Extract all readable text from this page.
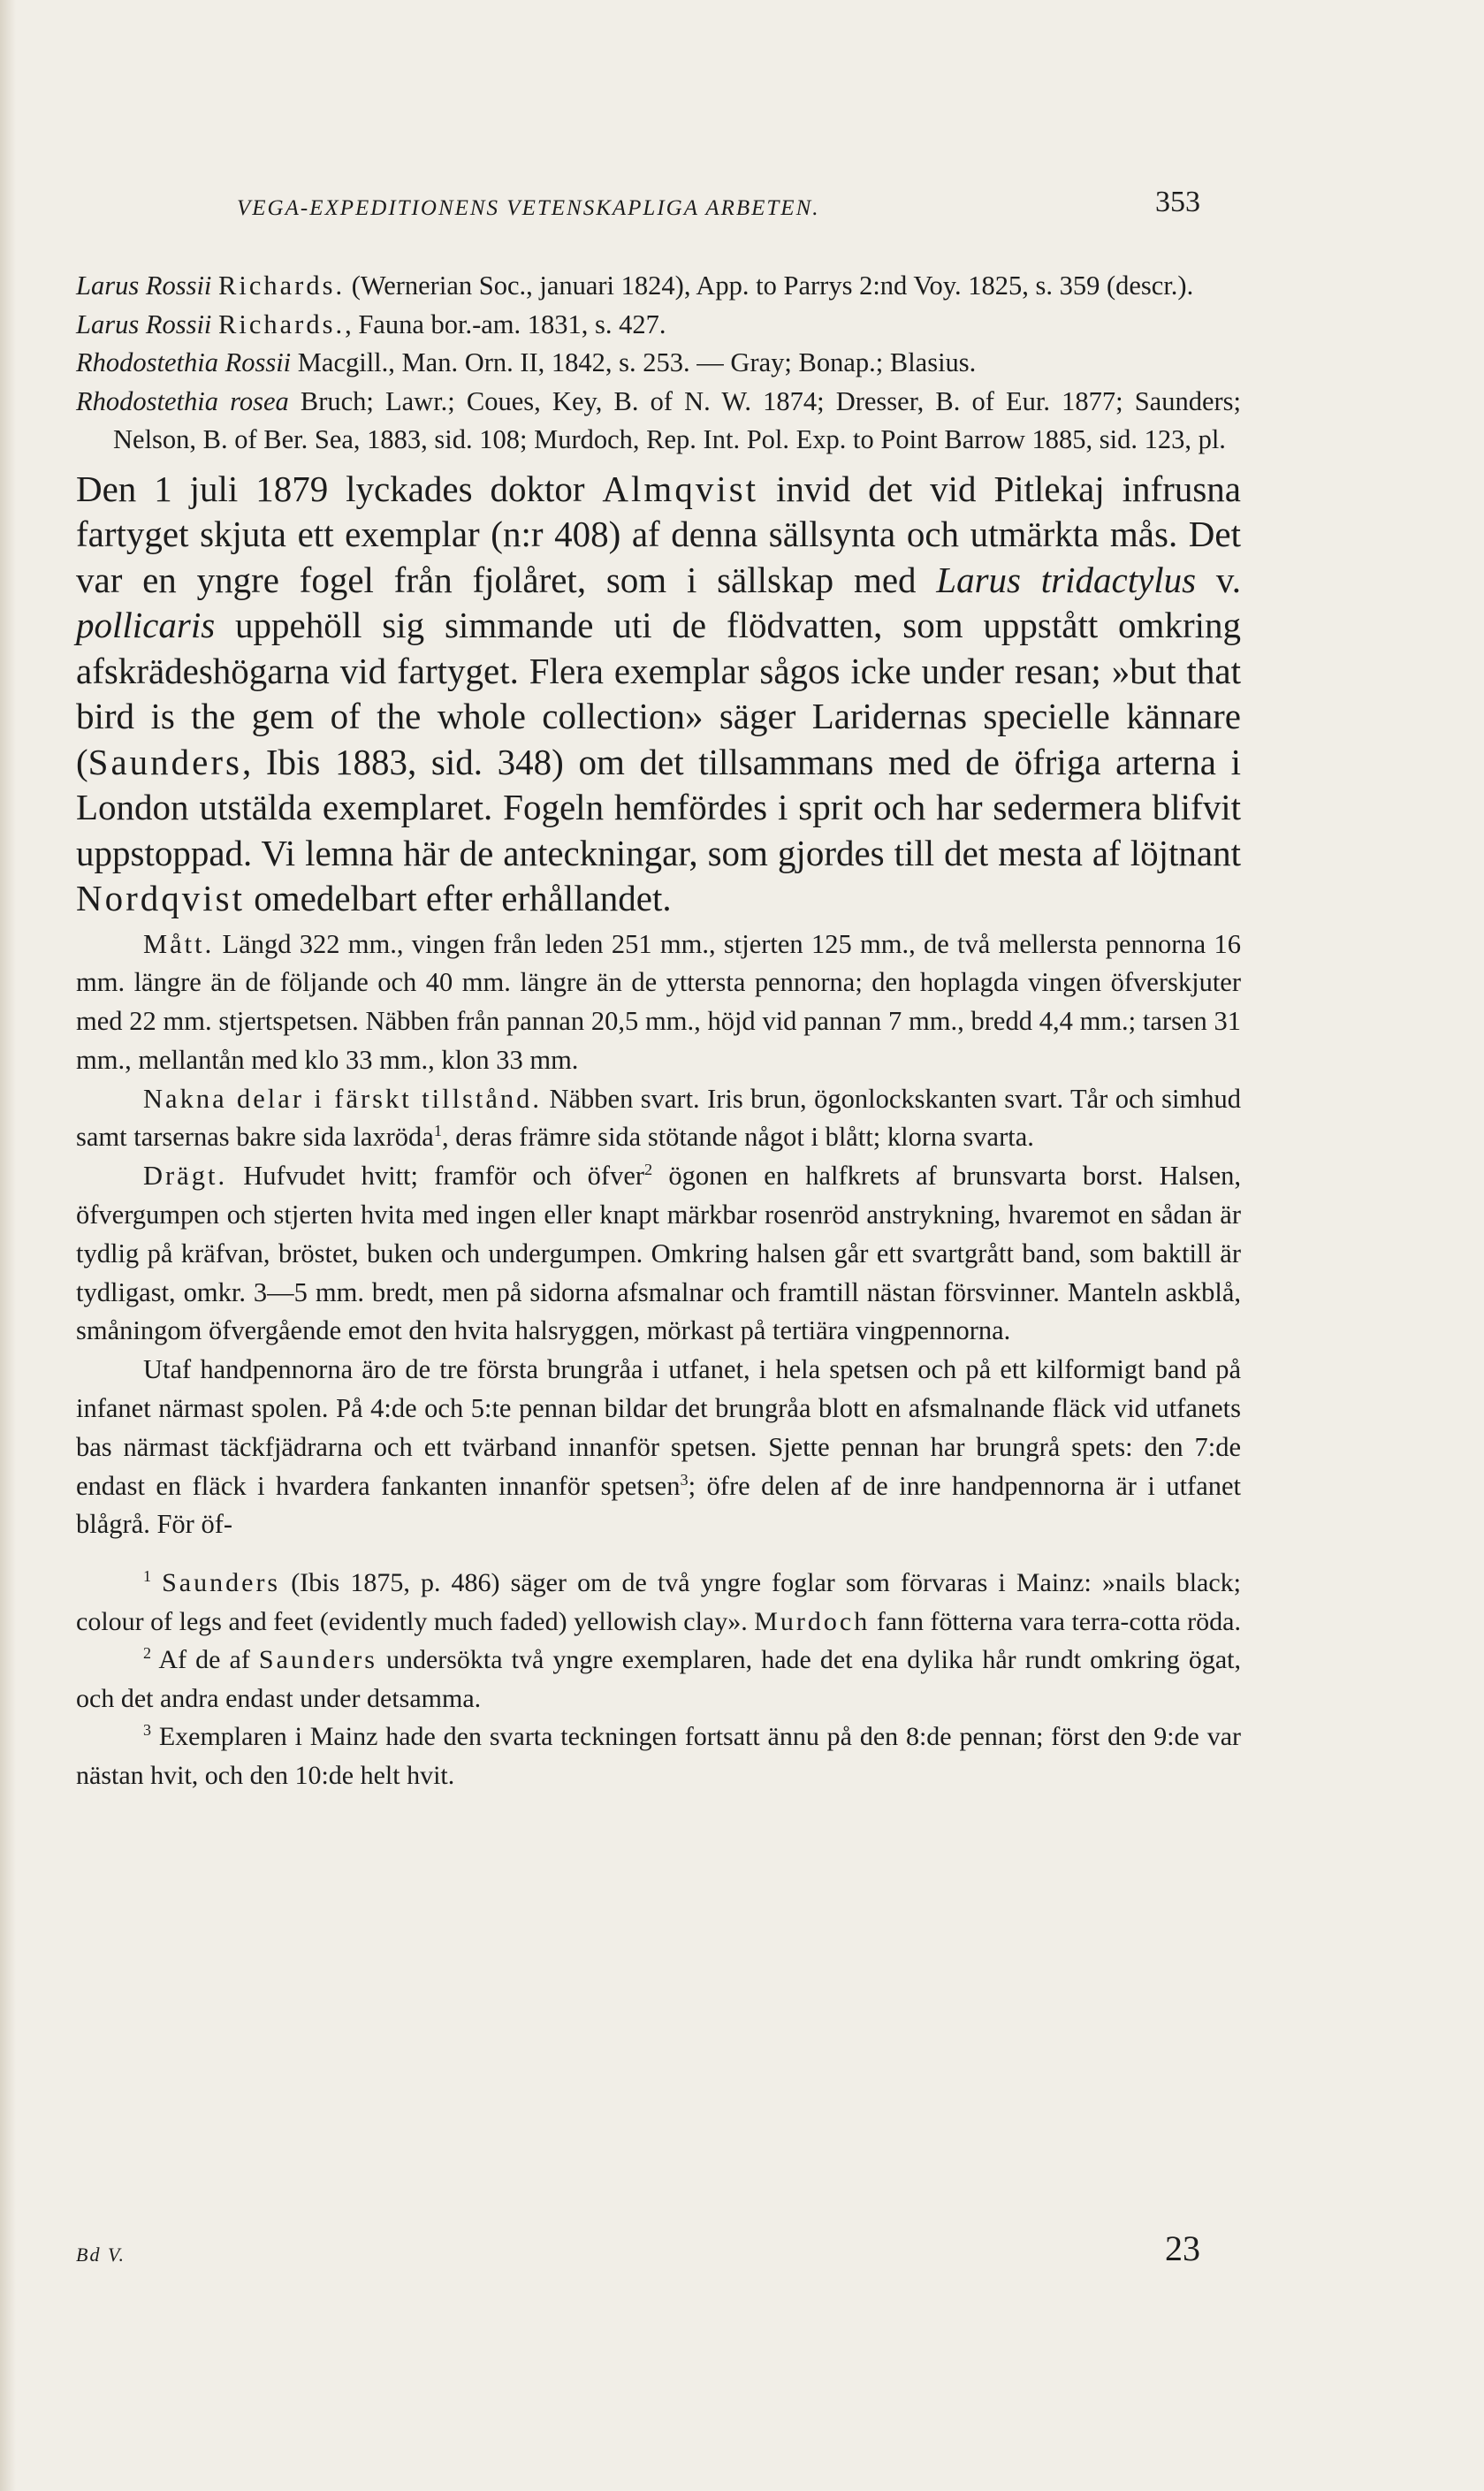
VEGA-EXPEDITIONENS VETENSKAPLIGA ARBETEN.	353

Larus Rossii Richards. (Wernerian Soc., januari 1824), App. to Parrys 2:nd Voy. 1825, s. 359 (descr.).

Larus Rossii Richards., Fauna bor.-am. 1831, s. 427.

Rhodostethia Rossii Macgill., Man. Orn. II, 1842, s. 253. — Gray; Bonap.; Blasius.

Rhodostethia rosea Bruch; Lawr.; Coues, Key, B. of N. W. 1874; Dresser, B. of Eur. 1877; Saunders; Nelson, B. of Ber. Sea, 1883, sid. 108; Murdoch, Rep. Int. Pol. Exp. to Point Barrow 1885, sid. 123, pl.

Den 1 juli 1879 lyckades doktor Almqvist invid det vid Pitlekaj infrusna fartyget skjuta ett exemplar (n:r 408) af denna sällsynta och utmärkta mås. Det var en yngre fogel från fjolåret, som i sällskap med Larus tridactylus v. pollicaris uppehöll sig simmande uti de flödvatten, som uppstått omkring afskrädeshögarna vid fartyget. Flera exemplar sågos icke under resan; »but that bird is the gem of the whole collection» säger Laridernas specielle kännare (Saunders, Ibis 1883, sid. 348) om det tillsammans med de öfriga arterna i London utstälda exemplaret. Fogeln hemfördes i sprit och har sedermera blifvit uppstoppad. Vi lemna här de anteckningar, som gjordes till det mesta af löjtnant Nordqvist omedelbart efter erhållandet.

Mått. Längd 322 mm., vingen från leden 251 mm., stjerten 125 mm., de två mellersta pennorna 16 mm. längre än de följande och 40 mm. längre än de yttersta pennorna; den hoplagda vingen öfverskjuter med 22 mm. stjertspetsen. Näbben från pannan 20,5 mm., höjd vid pannan 7 mm., bredd 4,4 mm.; tarsen 31 mm., mellantån med klo 33 mm., klon 33 mm.

Nakna delar i färskt tillstånd. Näbben svart. Iris brun, ögonlockskanten svart. Tår och simhud samt tarsernas bakre sida laxröda$^1$, deras främre sida stötande något i blått; klorna svarta.

Drägt. Hufvudet hvitt; framför och öfver$^2$ ögonen en halfkrets af brunsvarta borst. Halsen, öfvergumpen och stjerten hvita med ingen eller knapt märkbar rosenröd anstrykning, hvaremot en sådan är tydlig på kräfvan, bröstet, buken och undergumpen. Omkring halsen går ett svartgrått band, som baktill är tydligast, omkr. 3—5 mm. bredt, men på sidorna afsmalnar och framtill nästan försvinner. Manteln askblå, småningom öfvergående emot den hvita halsryggen, mörkast på tertiära vingpennorna.

Utaf handpennorna äro de tre första brungråa i utfanet, i hela spetsen och på ett kilformigt band på infanet närmast spolen. På 4:de och 5:te pennan bildar det brungråa blott en afsmalnande fläck vid utfanets bas närmast täckfjädrarna och ett tvärband innanför spetsen. Sjette pennan har brungrå spets: den 7:de endast en fläck i hvardera fankanten innanför spetsen$^3$; öfre delen af de inre handpennorna är i utfanet blågrå. För öf-

$^1$ Saunders (Ibis 1875, p. 486) säger om de två yngre foglar som förvaras i Mainz: »nails black; colour of legs and feet (evidently much faded) yellowish clay». Murdoch fann fötterna vara terra-cotta röda.

$^2$ Af de af Saunders undersökta två yngre exemplaren, hade det ena dylika hår rundt omkring ögat, och det andra endast under detsamma.

$^3$ Exemplaren i Mainz hade den svarta teckningen fortsatt ännu på den 8:de pennan; först den 9:de var nästan hvit, och den 10:de helt hvit.

Bd V.	23
